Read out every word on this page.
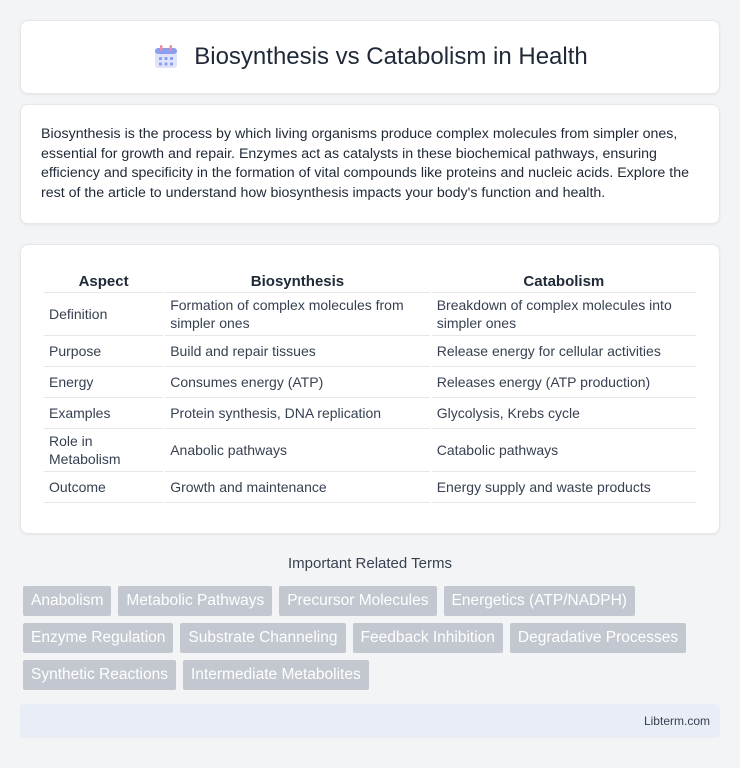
Biosynthesis vs Catabolism in Health

Biosynthesis is the process by which living organisms produce complex molecules from simpler ones, essential for growth and repair. Enzymes act as catalysts in these biochemical pathways, ensuring efficiency and specificity in the formation of vital compounds like proteins and nucleic acids. Explore the rest of the article to understand how biosynthesis impacts your body's function and health.

Aspect	Biosynthesis	Catabolism
Definition	Formation of complex molecules from simpler ones	Breakdown of complex molecules into simpler ones
Purpose	Build and repair tissues	Release energy for cellular activities
Energy	Consumes energy (ATP)	Releases energy (ATP production)
Examples	Protein synthesis, DNA replication	Glycolysis, Krebs cycle
Role in Metabolism	Anabolic pathways	Catabolic pathways
Outcome	Growth and maintenance	Energy supply and waste products
Important Related Terms
Anabolism	Metabolic Pathways	Precursor Molecules	Energetics (ATP/NADPH)
Enzyme Regulation	Substrate Channeling	Feedback Inhibition	Degradative Processes
Synthetic Reactions	Intermediate Metabolites
Libterm.com
